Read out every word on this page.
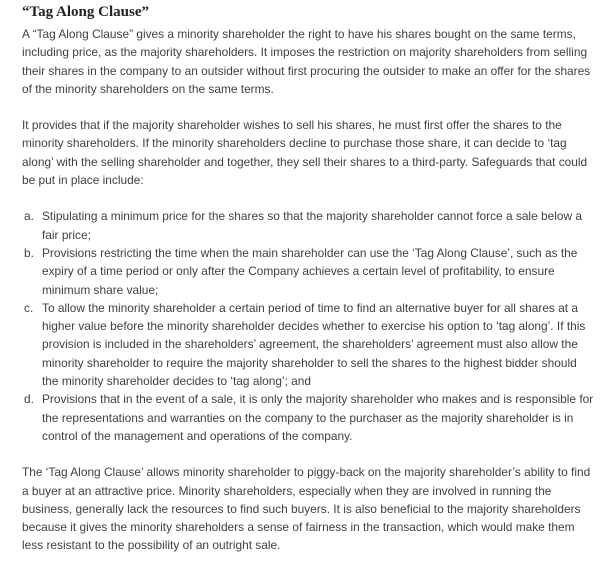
“Tag Along Clause”

A “Tag Along Clause” gives a minority shareholder the right to have his shares bought on the same terms, including price, as the majority shareholders. It imposes the restriction on majority shareholders from selling their shares in the company to an outsider without first procuring the outsider to make an offer for the shares of the minority shareholders on the same terms.

It provides that if the majority shareholder wishes to sell his shares, he must first offer the shares to the minority shareholders. If the minority shareholders decline to purchase those share, it can decide to ‘tag along’ with the selling shareholder and together, they sell their shares to a third-party. Safeguards that could be put in place include:

a. Stipulating a minimum price for the shares so that the majority shareholder cannot force a sale below a fair price;
b. Provisions restricting the time when the main shareholder can use the ‘Tag Along Clause’, such as the expiry of a time period or only after the Company achieves a certain level of profitability, to ensure minimum share value;
c. To allow the minority shareholder a certain period of time to find an alternative buyer for all shares at a higher value before the minority shareholder decides whether to exercise his option to ‘tag along’. If this provision is included in the shareholders’ agreement, the shareholders’ agreement must also allow the minority shareholder to require the majority shareholder to sell the shares to the highest bidder should the minority shareholder decides to ‘tag along’; and
d. Provisions that in the event of a sale, it is only the majority shareholder who makes and is responsible for the representations and warranties on the company to the purchaser as the majority shareholder is in control of the management and operations of the company.

The ‘Tag Along Clause’ allows minority shareholder to piggy-back on the majority shareholder’s ability to find a buyer at an attractive price. Minority shareholders, especially when they are involved in running the business, generally lack the resources to find such buyers. It is also beneficial to the majority shareholders because it gives the minority shareholders a sense of fairness in the transaction, which would make them less resistant to the possibility of an outright sale.
